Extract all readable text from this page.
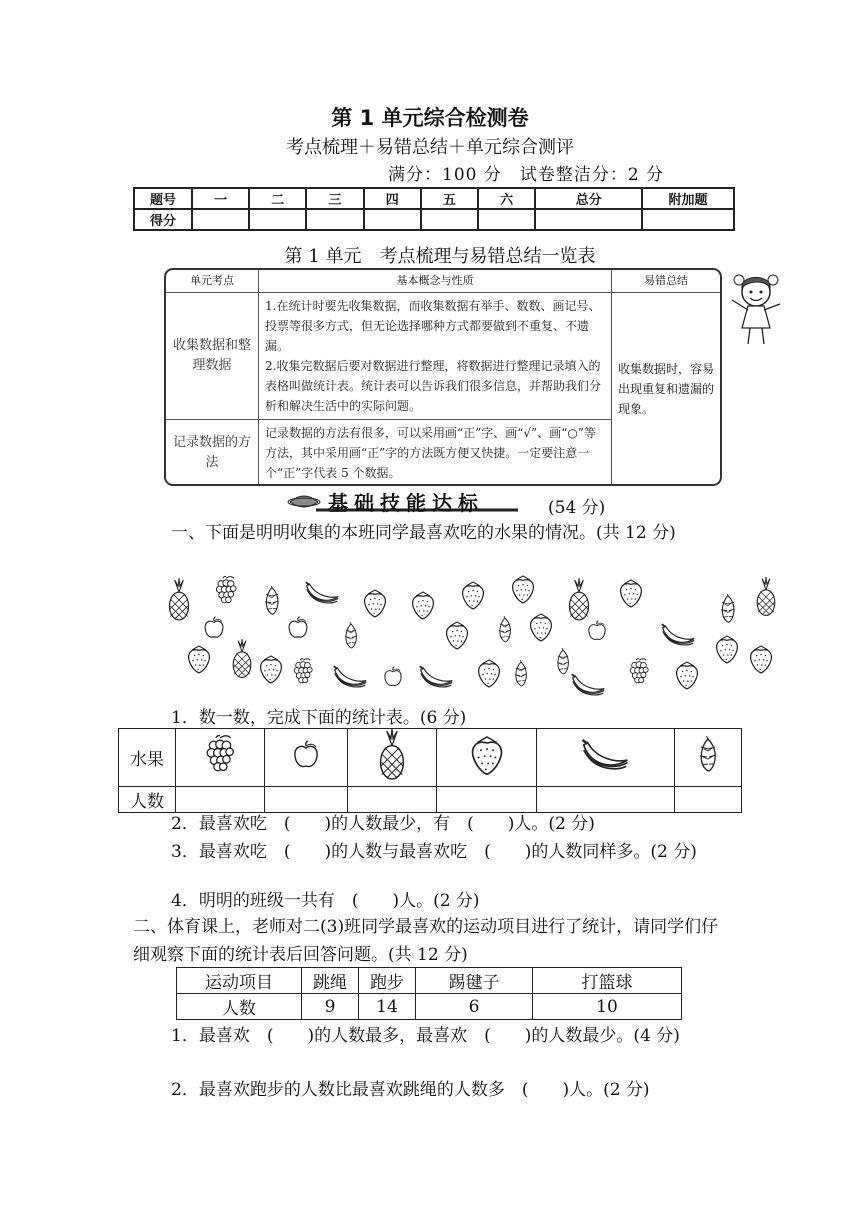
第 1 单元综合检测卷
考点梳理＋易错总结＋单元综合测评
满分：100 分　试卷整洁分：2 分
题号	一	二	三	四	五	六	总分	附加题
得分								
第 1 单元　考点梳理与易错总结一览表
单元考点	基本概念与性质	易错总结
收集数据和整理数据	1.在统计时要先收集数据，而收集数据有举手、数数、画记号、投票等很多方式，但无论选择哪种方式都要做到不重复、不遗漏。
2.收集完数据后要对数据进行整理，将数据进行整理记录填入的表格叫做统计表。统计表可以告诉我们很多信息，并帮助我们分析和解决生活中的实际问题。	收集数据时，容易出现重复和遗漏的现象。
记录数据的方法	记录数据的方法有很多，可以采用画“正”字、画“√”、画“○”等方法，其中采用画“正”字的方法既方便又快捷。一定要注意一个“正”字代表 5 个数据。	
基础技能达标	(54 分)
一、下面是明明收集的本班同学最喜欢吃的水果的情况。(共 12 分)
1．数一数，完成下面的统计表。(6 分)
水果						
人数						
2．最喜欢吃　(　　)的人数最少，有　(　　)人。(2 分)
3．最喜欢吃　(　　)的人数与最喜欢吃　(　　)的人数同样多。(2 分)
4．明明的班级一共有　(　　)人。(2 分)
二、体育课上，老师对二(3)班同学最喜欢的运动项目进行了统计，请同学们仔细观察下面的统计表后回答问题。(共 12 分)
运动项目	跳绳	跑步	踢毽子	打篮球
人数	9	14	6	10
1．最喜欢　(　　)的人数最多，最喜欢　(　　)的人数最少。(4 分)
2．最喜欢跑步的人数比最喜欢跳绳的人数多　(　　)人。(2 分)
